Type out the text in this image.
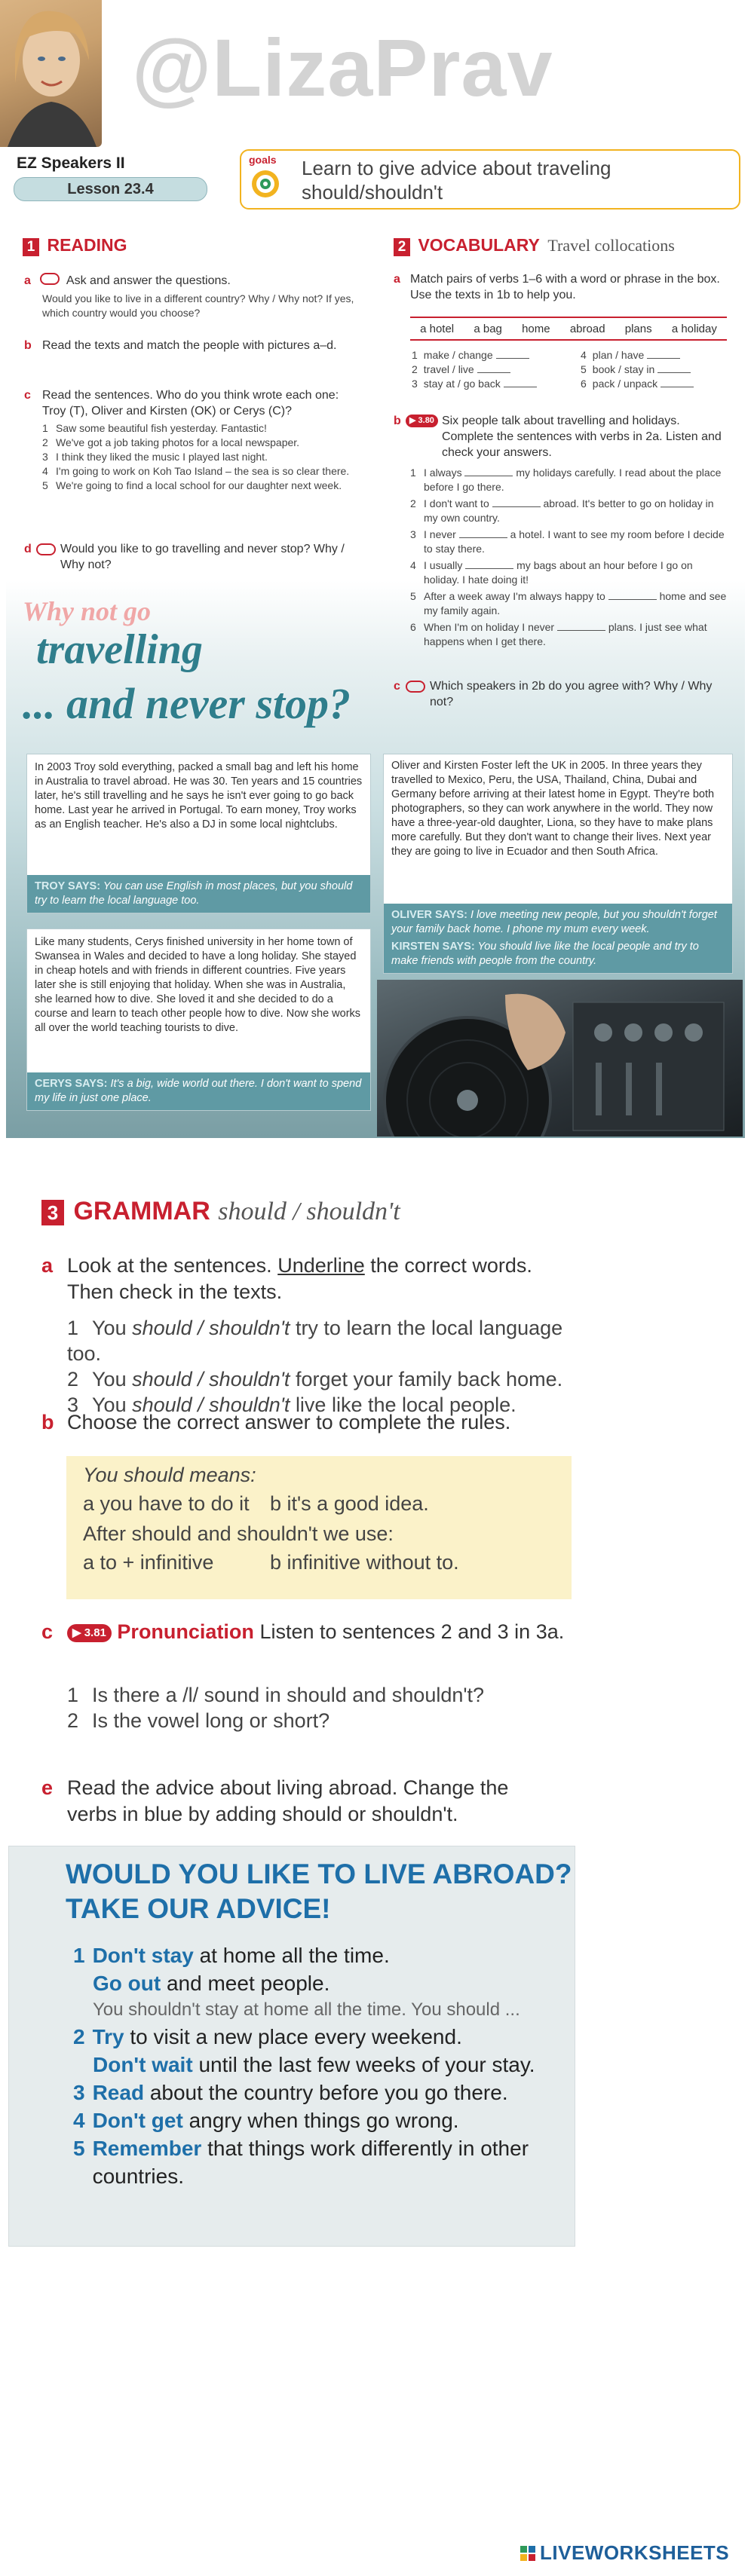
@LizaPrav
EZ Speakers II
Lesson 23.4
goals Learn to give advice about traveling
should/shouldn't
1 READING
a	Ask and answer the questions.
Would you like to live in a different country? Why / Why not? If yes, which country would you choose?
b Read the texts and match the people with pictures a–d.
c Read the sentences. Who do you think wrote each one: Troy (T), Oliver and Kirsten (OK) or Cerys (C)?
1 Saw some beautiful fish yesterday. Fantastic!
2 We've got a job taking photos for a local newspaper.
3 I think they liked the music I played last night.
4 I'm going to work on Koh Tao Island – the sea is so clear there.
5 We're going to find a local school for our daughter next week.
d	Would you like to go travelling and never stop? Why / Why not?
2 VOCABULARY Travel collocations
a Match pairs of verbs 1–6 with a word or phrase in the box. Use the texts in 1b to help you.
a hotel a bag home abroad plans a holiday
1 make / change
2 travel / live
3 stay at / go back
4 plan / have
5 book / stay in
6 pack / unpack
b	▶ 3.80 Six people talk about travelling and holidays. Complete the sentences with verbs in 2a. Listen and check your answers.
1 I always	my holidays carefully. I read about the place before I go there.
2 I don't want to	abroad. It's better to go on holiday in my own country.
3 I never	a hotel. I want to see my room before I decide to stay there.
4 I usually	my bags about an hour before I go on holiday. I hate doing it!
5 After a week away I'm always happy to	home and see my family again.
6 When I'm on holiday I never	plans. I just see what happens when I get there.
c	Which speakers in 2b do you agree with? Why / Why not?
Why not go
travelling
... and never stop?
In 2003 Troy sold everything, packed a small bag and left his home in Australia to travel abroad. He was 30. Ten years and 15 countries later, he's still travelling and he says he isn't ever going to go back home. Last year he arrived in Portugal. To earn money, Troy works as an English teacher. He's also a DJ in some local nightclubs.
TROY SAYS: You can use English in most places, but you should try to learn the local language too.
Oliver and Kirsten Foster left the UK in 2005. In three years they travelled to Mexico, Peru, the USA, Thailand, China, Dubai and Germany before arriving at their latest home in Egypt. They're both photographers, so they can work anywhere in the world. They now have a three-year-old daughter, Liona, so they have to make plans more carefully. But they don't want to change their lives. Next year they are going to live in Ecuador and then South Africa.
OLIVER SAYS: I love meeting new people, but you shouldn't forget your family back home. I phone my mum every week.
KIRSTEN SAYS: You should live like the local people and try to make friends with people from the country.
Like many students, Cerys finished university in her home town of Swansea in Wales and decided to have a long holiday. She stayed in cheap hotels and with friends in different countries. Five years later she is still enjoying that holiday. When she was in Australia, she learned how to dive. She loved it and she decided to do a course and learn to teach other people how to dive. Now she works all over the world teaching tourists to dive.
CERYS SAYS: It's a big, wide world out there. I don't want to spend my life in just one place.
3 GRAMMAR should / shouldn't
a Look at the sentences. Underline the correct words. Then check in the texts.
1 You should / shouldn't try to learn the local language too.
2 You should / shouldn't forget your family back home.
3 You should / shouldn't live like the local people.
b Choose the correct answer to complete the rules.
You should means:
a you have to do it b it's a good idea.
After should and shouldn't we use:
a to + infinitive	b infinitive without to.
c	▶ 3.81 Pronunciation Listen to sentences 2 and 3 in 3a.
1 Is there a /l/ sound in should and shouldn't?
2 Is the vowel long or short?
e Read the advice about living abroad. Change the verbs in blue by adding should or shouldn't.
WOULD YOU LIKE TO LIVE ABROAD?
TAKE OUR ADVICE!
1 Don't stay at home all the time.
Go out and meet people.
You shouldn't stay at home all the time. You should ...
2 Try to visit a new place every weekend.
Don't wait until the last few weeks of your stay.
3 Read about the country before you go there.
4 Don't get angry when things go wrong.
5 Remember that things work differently in other countries.
LIVEWORKSHEETS
